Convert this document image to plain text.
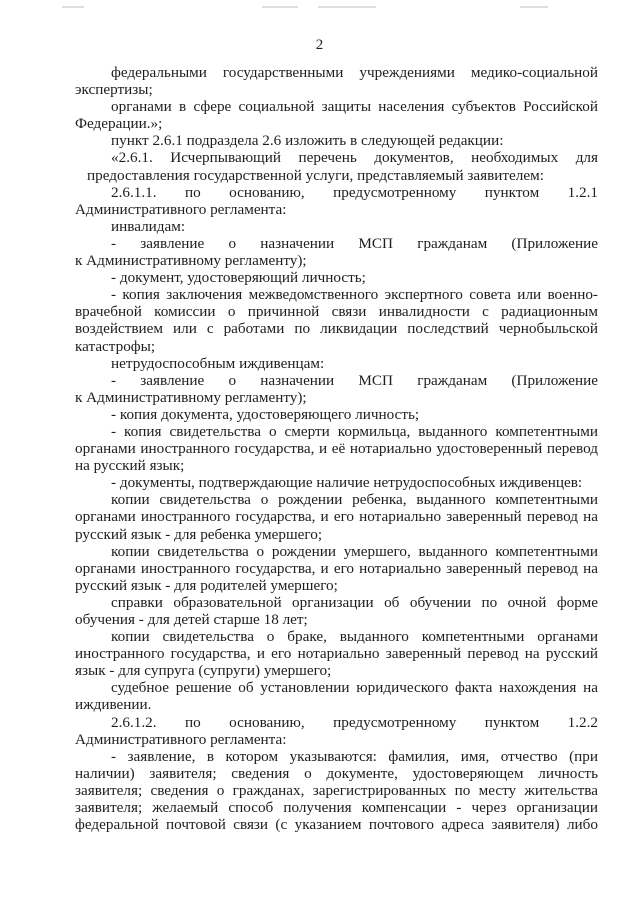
2
федеральными государственными учреждениями медико-социальной
экспертизы;
органами в сфере социальной защиты населения субъектов Российской
Федерации.»;
пункт 2.6.1 подраздела 2.6 изложить в следующей редакции:
«2.6.1. Исчерпывающий перечень документов, необходимых для
предоставления государственной услуги, представляемый заявителем:
2.6.1.1. по основанию, предусмотренному пунктом 1.2.1
Административного регламента:
инвалидам:
- заявление о назначении МСП гражданам (Приложение
к Административному регламенту);
- документ, удостоверяющий личность;
- копия заключения межведомственного экспертного совета или военно-
врачебной комиссии о причинной связи инвалидности с радиационным
воздействием или с работами по ликвидации последствий чернобыльской
катастрофы;
нетрудоспособным иждивенцам:
- заявление о назначении МСП гражданам (Приложение
к Административному регламенту);
- копия документа, удостоверяющего личность;
- копия свидетельства о смерти кормильца, выданного компетентными
органами иностранного государства, и её нотариально удостоверенный перевод
на русский язык;
- документы, подтверждающие наличие нетрудоспособных иждивенцев:
копии свидетельства о рождении ребенка, выданного компетентными
органами иностранного государства, и его нотариально заверенный перевод на
русский язык - для ребенка умершего;
копии свидетельства о рождении умершего, выданного компетентными
органами иностранного государства, и его нотариально заверенный перевод на
русский язык - для родителей умершего;
справки образовательной организации об обучении по очной форме
обучения - для детей старше 18 лет;
копии свидетельства о браке, выданного компетентными органами
иностранного государства, и его нотариально заверенный перевод на русский
язык - для супруга (супруги) умершего;
судебное решение об установлении юридического факта нахождения на
иждивении.
2.6.1.2. по основанию, предусмотренному пунктом 1.2.2
Административного регламента:
- заявление, в котором указываются: фамилия, имя, отчество (при
наличии) заявителя; сведения о документе, удостоверяющем личность
заявителя; сведения о гражданах, зарегистрированных по месту жительства
заявителя; желаемый способ получения компенсации - через организации
федеральной почтовой связи (с указанием почтового адреса заявителя) либо
